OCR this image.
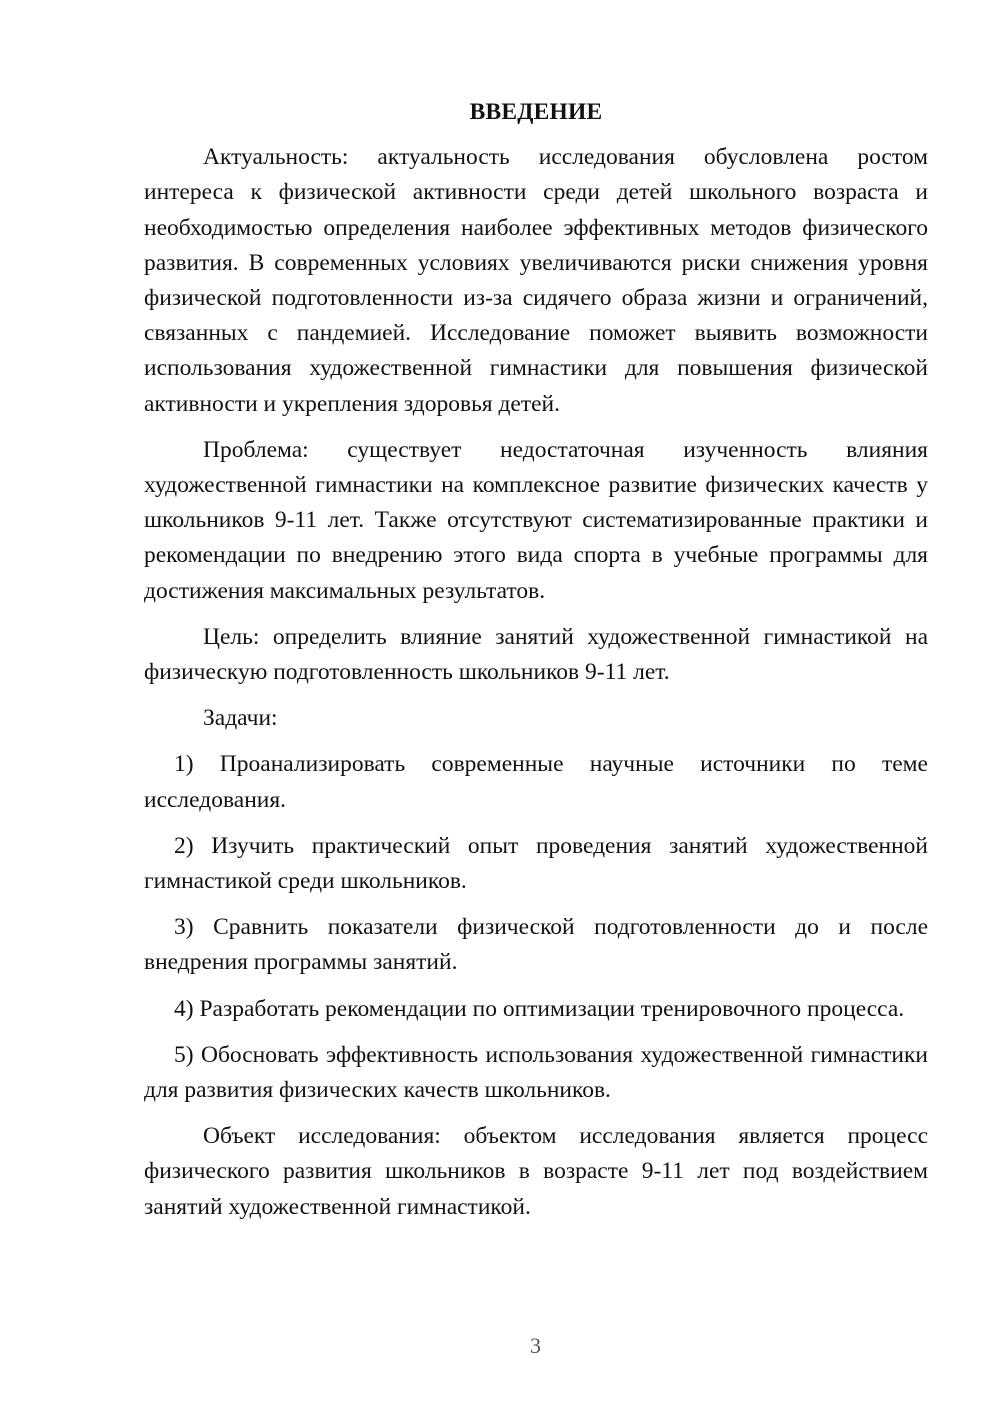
ВВЕДЕНИЕ

Актуальность: актуальность исследования обусловлена ростом интереса к физической активности среди детей школьного возраста и необходимостью определения наиболее эффективных методов физического развития. В современных условиях увеличиваются риски снижения уровня физической подготовленности из-за сидячего образа жизни и ограничений, связанных с пандемией. Исследование поможет выявить возможности использования художественной гимнастики для повышения физической активности и укрепления здоровья детей.

Проблема: существует недостаточная изученность влияния художественной гимнастики на комплексное развитие физических качеств у школьников 9-11 лет. Также отсутствуют систематизированные практики и рекомендации по внедрению этого вида спорта в учебные программы для достижения максимальных результатов.

Цель: определить влияние занятий художественной гимнастикой на физическую подготовленность школьников 9-11 лет.

Задачи:

1) Проанализировать современные научные источники по теме исследования.

2) Изучить практический опыт проведения занятий художественной гимнастикой среди школьников.

3) Сравнить показатели физической подготовленности до и после внедрения программы занятий.

4) Разработать рекомендации по оптимизации тренировочного процесса.

5) Обосновать эффективность использования художественной гимнастики для развития физических качеств школьников.

Объект исследования: объектом исследования является процесс физического развития школьников в возрасте 9-11 лет под воздействием занятий художественной гимнастикой.

3
